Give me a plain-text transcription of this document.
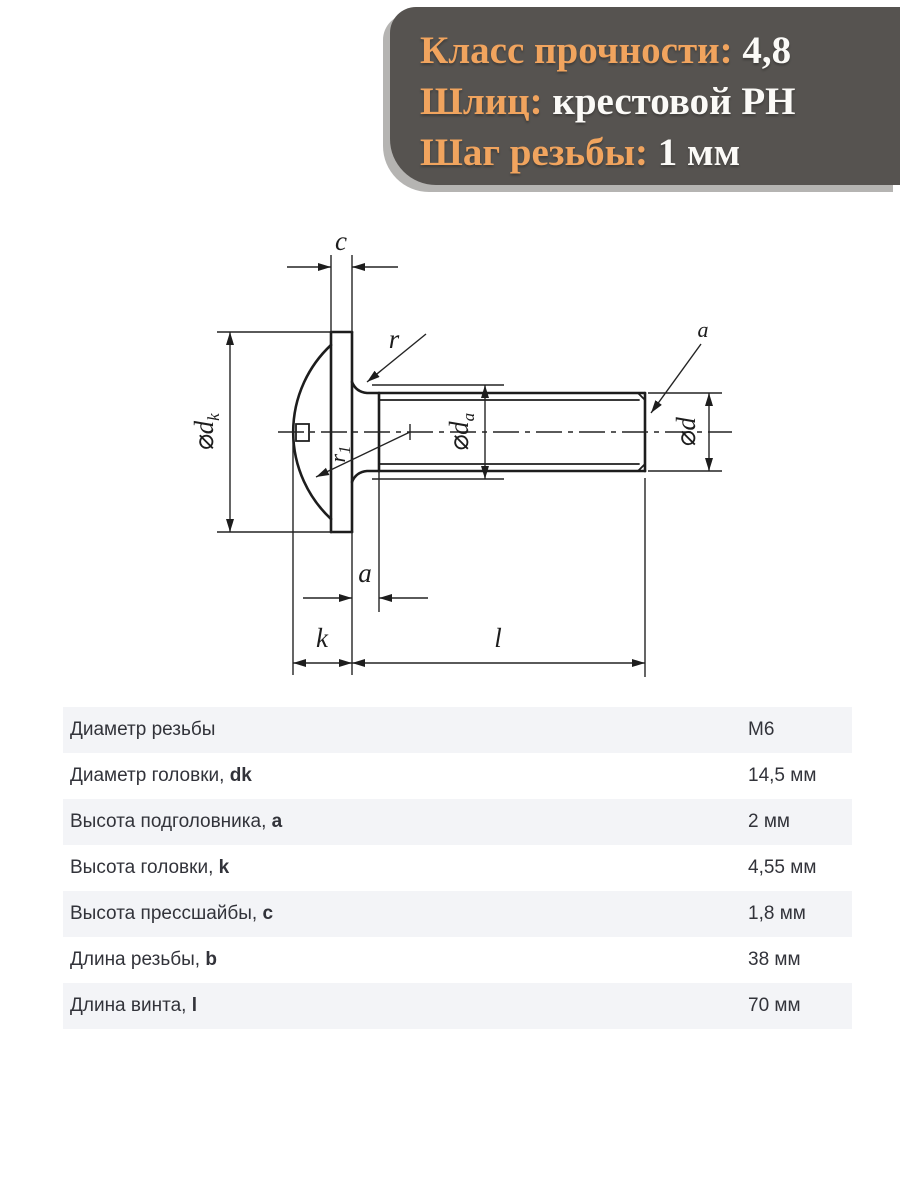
Класс прочности: 4,8
Шлиц: крестовой PH
Шаг резьбы: 1 мм
c
r	a
$⌀d_k$
$⌀d_a$	⌀d
$r_1$
a
k	l
Диаметр резьбы	M6
Диаметр головки, dk	14,5 мм
Высота подголовника, a	2 мм
Высота головки, k	4,55 мм
Высота прессшайбы, c	1,8 мм
Длина резьбы, b	38 мм
Длина винта, l	70 мм
